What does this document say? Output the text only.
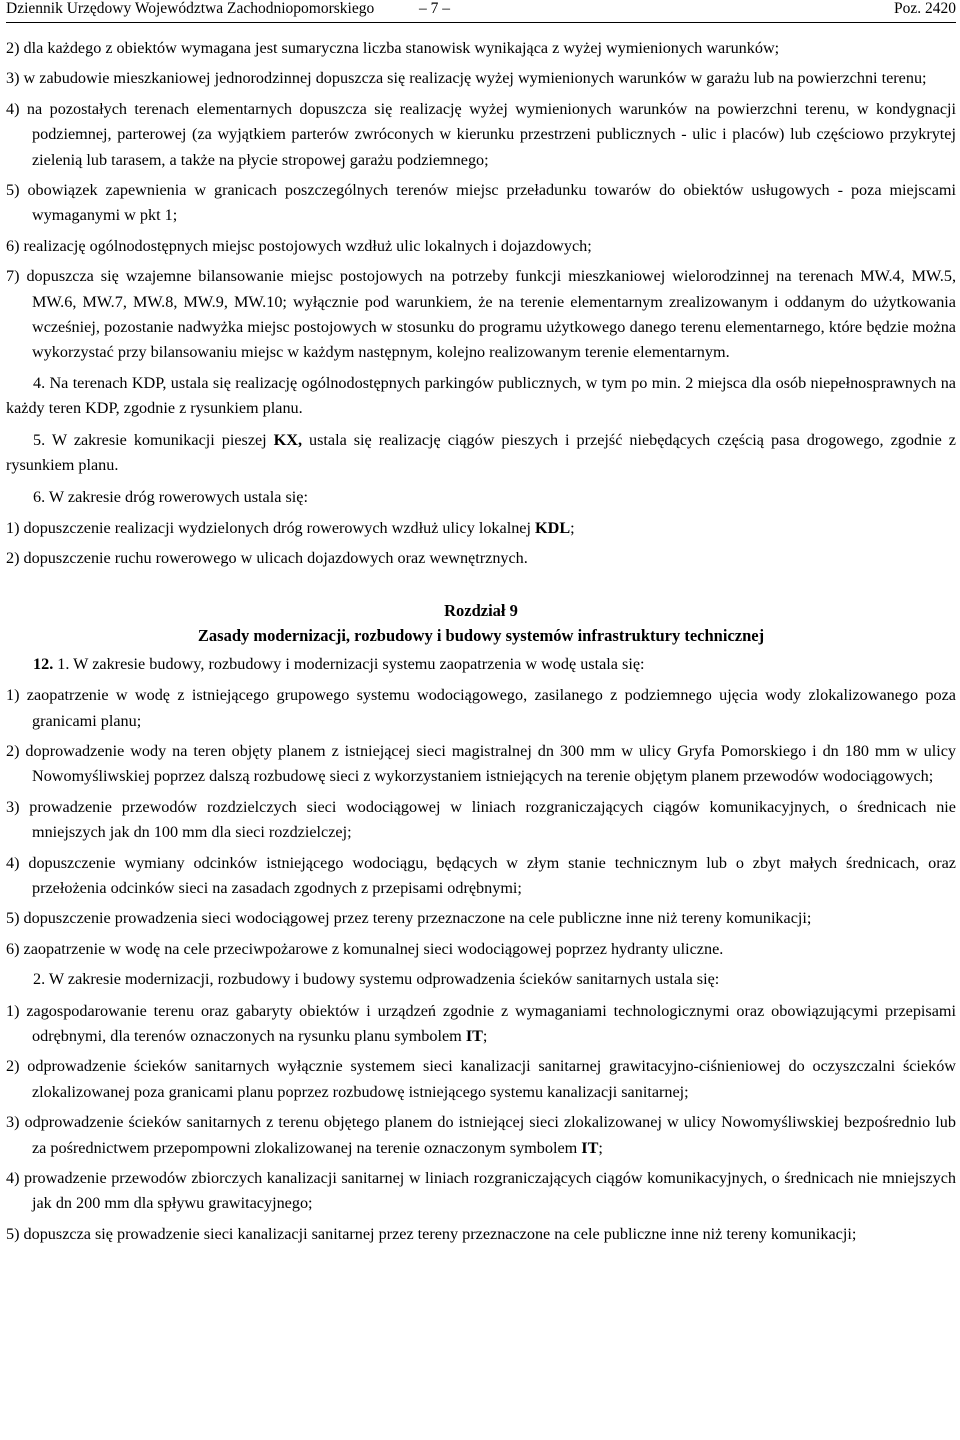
Dziennik Urzędowy Województwa Zachodniopomorskiego	– 7 –	Poz. 2420

2) dla każdego z obiektów wymagana jest sumaryczna liczba stanowisk wynikająca z wyżej wymienionych warunków;

3) w zabudowie mieszkaniowej jednorodzinnej dopuszcza się realizację wyżej wymienionych warunków w garażu lub na powierzchni terenu;

4) na pozostałych terenach elementarnych dopuszcza się realizację wyżej wymienionych warunków na powierzchni terenu, w kondygnacji podziemnej, parterowej (za wyjątkiem parterów zwróconych w kierunku przestrzeni publicznych - ulic i placów) lub częściowo przykrytej zielenią lub tarasem, a także na płycie stropowej garażu podziemnego;

5) obowiązek zapewnienia w granicach poszczególnych terenów miejsc przeładunku towarów do obiektów usługowych - poza miejscami wymaganymi w pkt 1;

6) realizację ogólnodostępnych miejsc postojowych wzdłuż ulic lokalnych i dojazdowych;

7) dopuszcza się wzajemne bilansowanie miejsc postojowych na potrzeby funkcji mieszkaniowej wielorodzinnej na terenach MW.4, MW.5, MW.6, MW.7, MW.8, MW.9, MW.10; wyłącznie pod warunkiem, że na terenie elementarnym zrealizowanym i oddanym do użytkowania wcześniej, pozostanie nadwyżka miejsc postojowych w stosunku do programu użytkowego danego terenu elementarnego, które będzie można wykorzystać przy bilansowaniu miejsc w każdym następnym, kolejno realizowanym terenie elementarnym.

4. Na terenach KDP, ustala się realizację ogólnodostępnych parkingów publicznych, w tym po min. 2 miejsca dla osób niepełnosprawnych na każdy teren KDP, zgodnie z rysunkiem planu.

5. W zakresie komunikacji pieszej KX, ustala się realizację ciągów pieszych i przejść niebędących częścią pasa drogowego, zgodnie z rysunkiem planu.

6. W zakresie dróg rowerowych ustala się:

1) dopuszczenie realizacji wydzielonych dróg rowerowych wzdłuż ulicy lokalnej KDL;

2) dopuszczenie ruchu rowerowego w ulicach dojazdowych oraz wewnętrznych.

Rozdział 9
Zasady modernizacji, rozbudowy i budowy systemów infrastruktury technicznej

12. 1. W zakresie budowy, rozbudowy i modernizacji systemu zaopatrzenia w wodę ustala się:

1) zaopatrzenie w wodę z istniejącego grupowego systemu wodociągowego, zasilanego z podziemnego ujęcia wody zlokalizowanego poza granicami planu;

2) doprowadzenie wody na teren objęty planem z istniejącej sieci magistralnej dn 300 mm w ulicy Gryfa Pomorskiego i dn 180 mm w ulicy Nowomyśliwskiej poprzez dalszą rozbudowę sieci z wykorzystaniem istniejących na terenie objętym planem przewodów wodociągowych;

3) prowadzenie przewodów rozdzielczych sieci wodociągowej w liniach rozgraniczających ciągów komunikacyjnych, o średnicach nie mniejszych jak dn 100 mm dla sieci rozdzielczej;

4) dopuszczenie wymiany odcinków istniejącego wodociągu, będących w złym stanie technicznym lub o zbyt małych średnicach, oraz przełożenia odcinków sieci na zasadach zgodnych z przepisami odrębnymi;

5) dopuszczenie prowadzenia sieci wodociągowej przez tereny przeznaczone na cele publiczne inne niż tereny komunikacji;

6) zaopatrzenie w wodę na cele przeciwpożarowe z komunalnej sieci wodociągowej poprzez hydranty uliczne.

2. W zakresie modernizacji, rozbudowy i budowy systemu odprowadzenia ścieków sanitarnych ustala się:

1) zagospodarowanie terenu oraz gabaryty obiektów i urządzeń zgodnie z wymaganiami technologicznymi oraz obowiązującymi przepisami odrębnymi, dla terenów oznaczonych na rysunku planu symbolem IT;

2) odprowadzenie ścieków sanitarnych wyłącznie systemem sieci kanalizacji sanitarnej grawitacyjno-ciśnieniowej do oczyszczalni ścieków zlokalizowanej poza granicami planu poprzez rozbudowę istniejącego systemu kanalizacji sanitarnej;

3) odprowadzenie ścieków sanitarnych z terenu objętego planem do istniejącej sieci zlokalizowanej w ulicy Nowomyśliwskiej bezpośrednio lub za pośrednictwem przepompowni zlokalizowanej na terenie oznaczonym symbolem IT;

4) prowadzenie przewodów zbiorczych kanalizacji sanitarnej w liniach rozgraniczających ciągów komunikacyjnych, o średnicach nie mniejszych jak dn 200 mm dla spływu grawitacyjnego;

5) dopuszcza się prowadzenie sieci kanalizacji sanitarnej przez tereny przeznaczone na cele publiczne inne niż tereny komunikacji;
